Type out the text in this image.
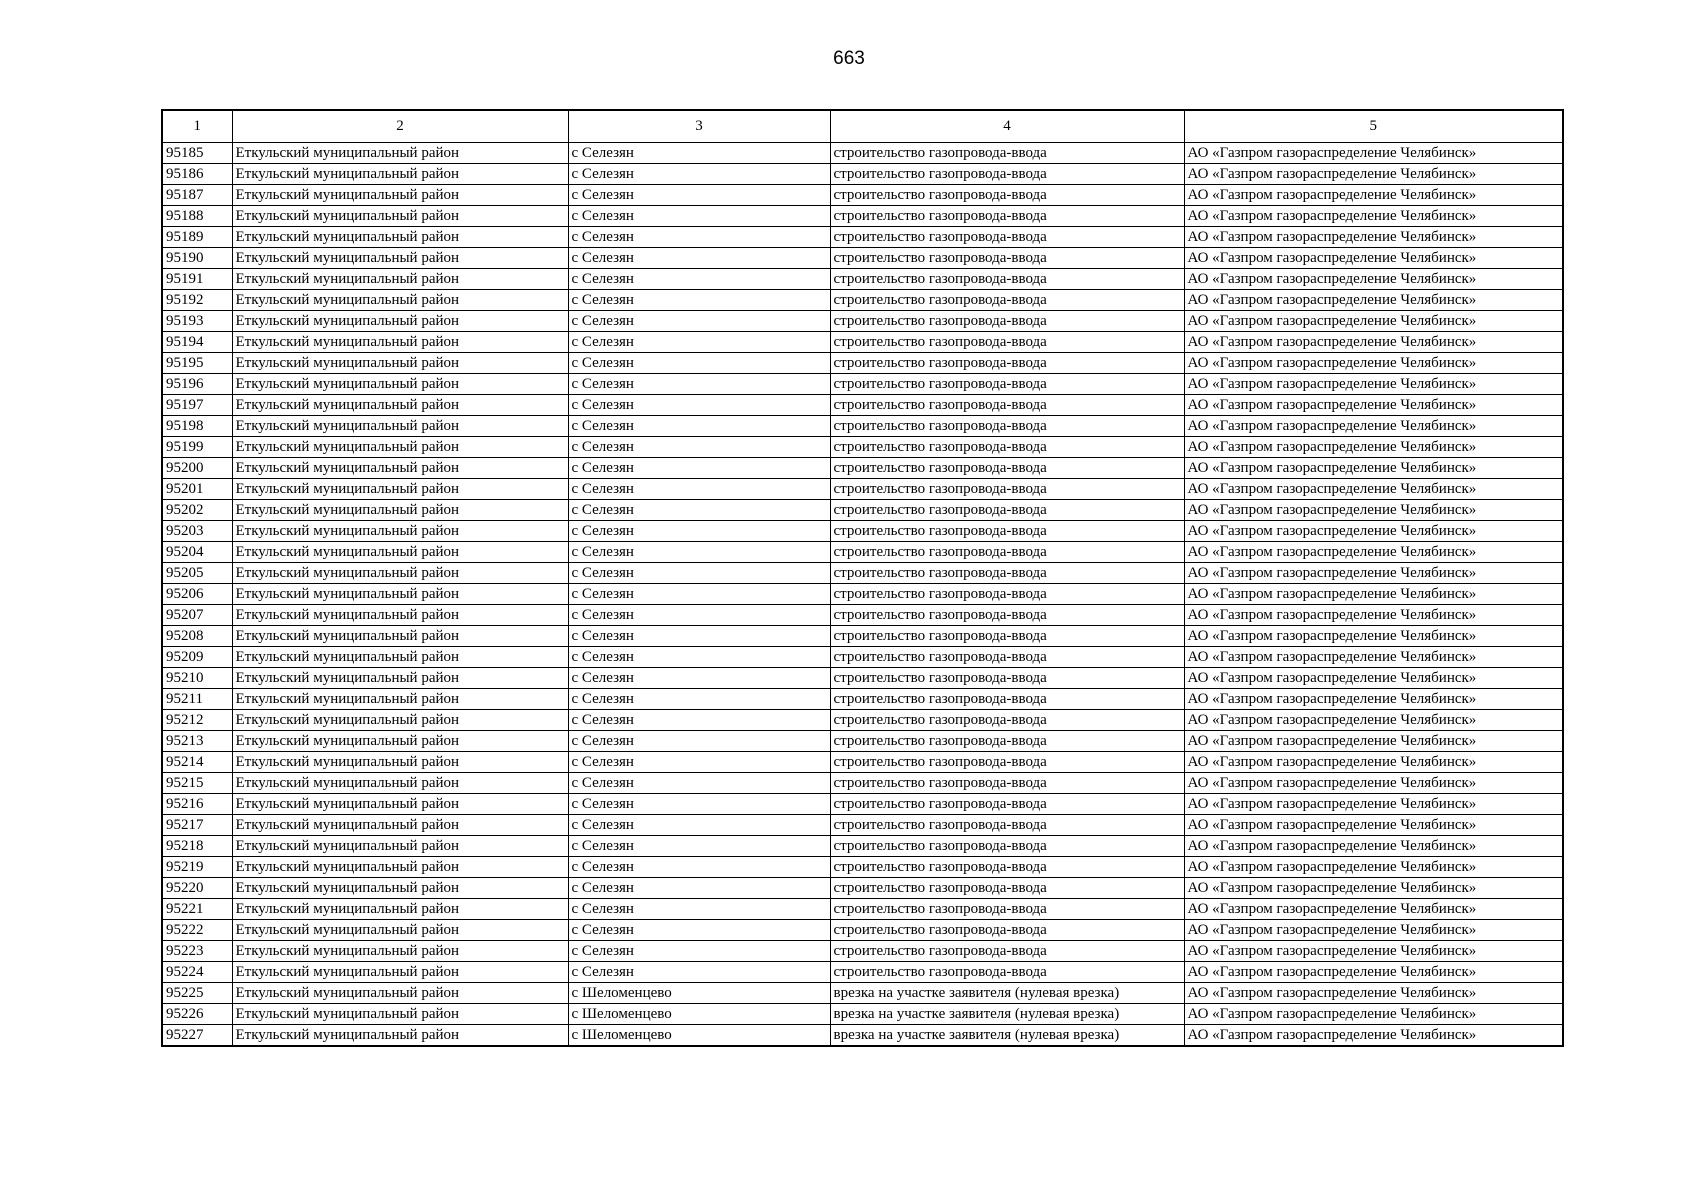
663
1	2	3	4	5
95185	Еткульский муниципальный район	с Селезян	строительство газопровода-ввода	АО «Газпром газораспределение Челябинск»
95186	Еткульский муниципальный район	с Селезян	строительство газопровода-ввода	АО «Газпром газораспределение Челябинск»
95187	Еткульский муниципальный район	с Селезян	строительство газопровода-ввода	АО «Газпром газораспределение Челябинск»
95188	Еткульский муниципальный район	с Селезян	строительство газопровода-ввода	АО «Газпром газораспределение Челябинск»
95189	Еткульский муниципальный район	с Селезян	строительство газопровода-ввода	АО «Газпром газораспределение Челябинск»
95190	Еткульский муниципальный район	с Селезян	строительство газопровода-ввода	АО «Газпром газораспределение Челябинск»
95191	Еткульский муниципальный район	с Селезян	строительство газопровода-ввода	АО «Газпром газораспределение Челябинск»
95192	Еткульский муниципальный район	с Селезян	строительство газопровода-ввода	АО «Газпром газораспределение Челябинск»
95193	Еткульский муниципальный район	с Селезян	строительство газопровода-ввода	АО «Газпром газораспределение Челябинск»
95194	Еткульский муниципальный район	с Селезян	строительство газопровода-ввода	АО «Газпром газораспределение Челябинск»
95195	Еткульский муниципальный район	с Селезян	строительство газопровода-ввода	АО «Газпром газораспределение Челябинск»
95196	Еткульский муниципальный район	с Селезян	строительство газопровода-ввода	АО «Газпром газораспределение Челябинск»
95197	Еткульский муниципальный район	с Селезян	строительство газопровода-ввода	АО «Газпром газораспределение Челябинск»
95198	Еткульский муниципальный район	с Селезян	строительство газопровода-ввода	АО «Газпром газораспределение Челябинск»
95199	Еткульский муниципальный район	с Селезян	строительство газопровода-ввода	АО «Газпром газораспределение Челябинск»
95200	Еткульский муниципальный район	с Селезян	строительство газопровода-ввода	АО «Газпром газораспределение Челябинск»
95201	Еткульский муниципальный район	с Селезян	строительство газопровода-ввода	АО «Газпром газораспределение Челябинск»
95202	Еткульский муниципальный район	с Селезян	строительство газопровода-ввода	АО «Газпром газораспределение Челябинск»
95203	Еткульский муниципальный район	с Селезян	строительство газопровода-ввода	АО «Газпром газораспределение Челябинск»
95204	Еткульский муниципальный район	с Селезян	строительство газопровода-ввода	АО «Газпром газораспределение Челябинск»
95205	Еткульский муниципальный район	с Селезян	строительство газопровода-ввода	АО «Газпром газораспределение Челябинск»
95206	Еткульский муниципальный район	с Селезян	строительство газопровода-ввода	АО «Газпром газораспределение Челябинск»
95207	Еткульский муниципальный район	с Селезян	строительство газопровода-ввода	АО «Газпром газораспределение Челябинск»
95208	Еткульский муниципальный район	с Селезян	строительство газопровода-ввода	АО «Газпром газораспределение Челябинск»
95209	Еткульский муниципальный район	с Селезян	строительство газопровода-ввода	АО «Газпром газораспределение Челябинск»
95210	Еткульский муниципальный район	с Селезян	строительство газопровода-ввода	АО «Газпром газораспределение Челябинск»
95211	Еткульский муниципальный район	с Селезян	строительство газопровода-ввода	АО «Газпром газораспределение Челябинск»
95212	Еткульский муниципальный район	с Селезян	строительство газопровода-ввода	АО «Газпром газораспределение Челябинск»
95213	Еткульский муниципальный район	с Селезян	строительство газопровода-ввода	АО «Газпром газораспределение Челябинск»
95214	Еткульский муниципальный район	с Селезян	строительство газопровода-ввода	АО «Газпром газораспределение Челябинск»
95215	Еткульский муниципальный район	с Селезян	строительство газопровода-ввода	АО «Газпром газораспределение Челябинск»
95216	Еткульский муниципальный район	с Селезян	строительство газопровода-ввода	АО «Газпром газораспределение Челябинск»
95217	Еткульский муниципальный район	с Селезян	строительство газопровода-ввода	АО «Газпром газораспределение Челябинск»
95218	Еткульский муниципальный район	с Селезян	строительство газопровода-ввода	АО «Газпром газораспределение Челябинск»
95219	Еткульский муниципальный район	с Селезян	строительство газопровода-ввода	АО «Газпром газораспределение Челябинск»
95220	Еткульский муниципальный район	с Селезян	строительство газопровода-ввода	АО «Газпром газораспределение Челябинск»
95221	Еткульский муниципальный район	с Селезян	строительство газопровода-ввода	АО «Газпром газораспределение Челябинск»
95222	Еткульский муниципальный район	с Селезян	строительство газопровода-ввода	АО «Газпром газораспределение Челябинск»
95223	Еткульский муниципальный район	с Селезян	строительство газопровода-ввода	АО «Газпром газораспределение Челябинск»
95224	Еткульский муниципальный район	с Селезян	строительство газопровода-ввода	АО «Газпром газораспределение Челябинск»
95225	Еткульский муниципальный район	с Шеломенцево	врезка на участке заявителя (нулевая врезка)	АО «Газпром газораспределение Челябинск»
95226	Еткульский муниципальный район	с Шеломенцево	врезка на участке заявителя (нулевая врезка)	АО «Газпром газораспределение Челябинск»
95227	Еткульский муниципальный район	с Шеломенцево	врезка на участке заявителя (нулевая врезка)	АО «Газпром газораспределение Челябинск»
